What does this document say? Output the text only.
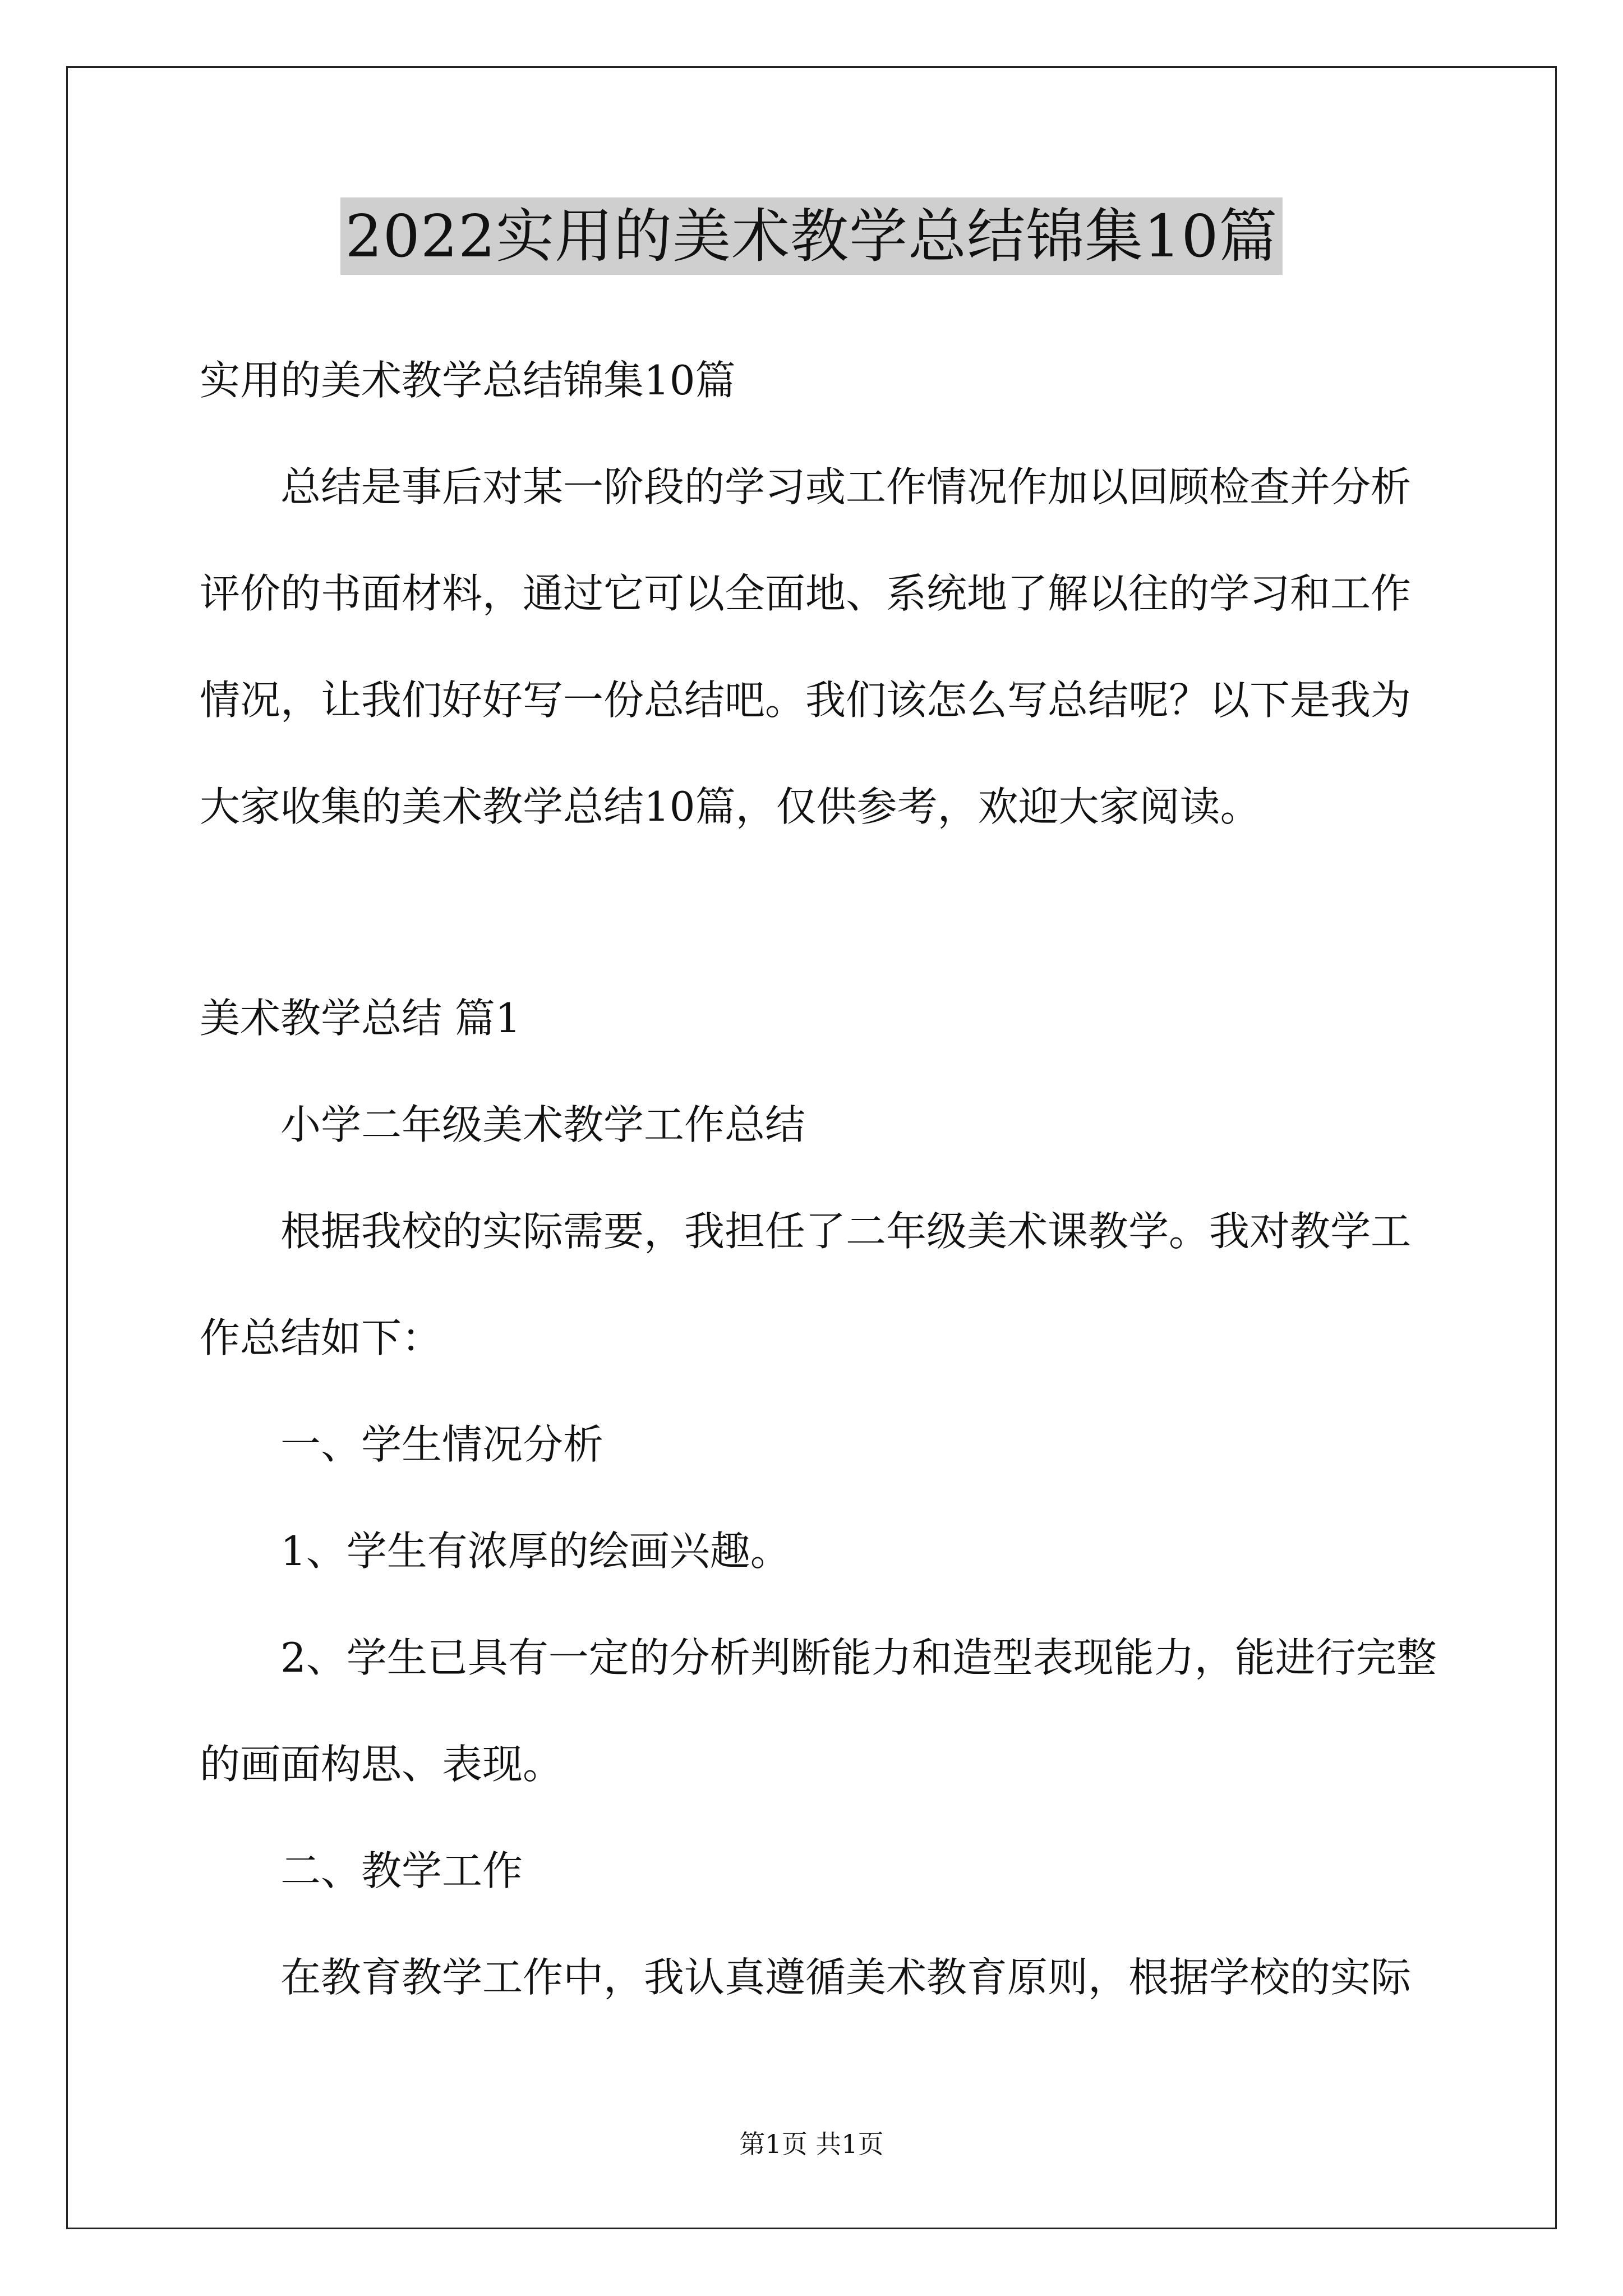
2022实用的美术教学总结锦集10篇
实用的美术教学总结锦集10篇
总结是事后对某一阶段的学习或工作情况作加以回顾检查并分析
评价的书面材料，通过它可以全面地、系统地了解以往的学习和工作
情况，让我们好好写一份总结吧。我们该怎么写总结呢？以下是我为
大家收集的美术教学总结10篇，仅供参考，欢迎大家阅读。
美术教学总结 篇1
小学二年级美术教学工作总结
根据我校的实际需要，我担任了二年级美术课教学。我对教学工
作总结如下：
一、学生情况分析
1、学生有浓厚的绘画兴趣。
2、学生已具有一定的分析判断能力和造型表现能力，能进行完整
的画面构思、表现。
二、教学工作
在教育教学工作中，我认真遵循美术教育原则，根据学校的实际
第1页 共1页
